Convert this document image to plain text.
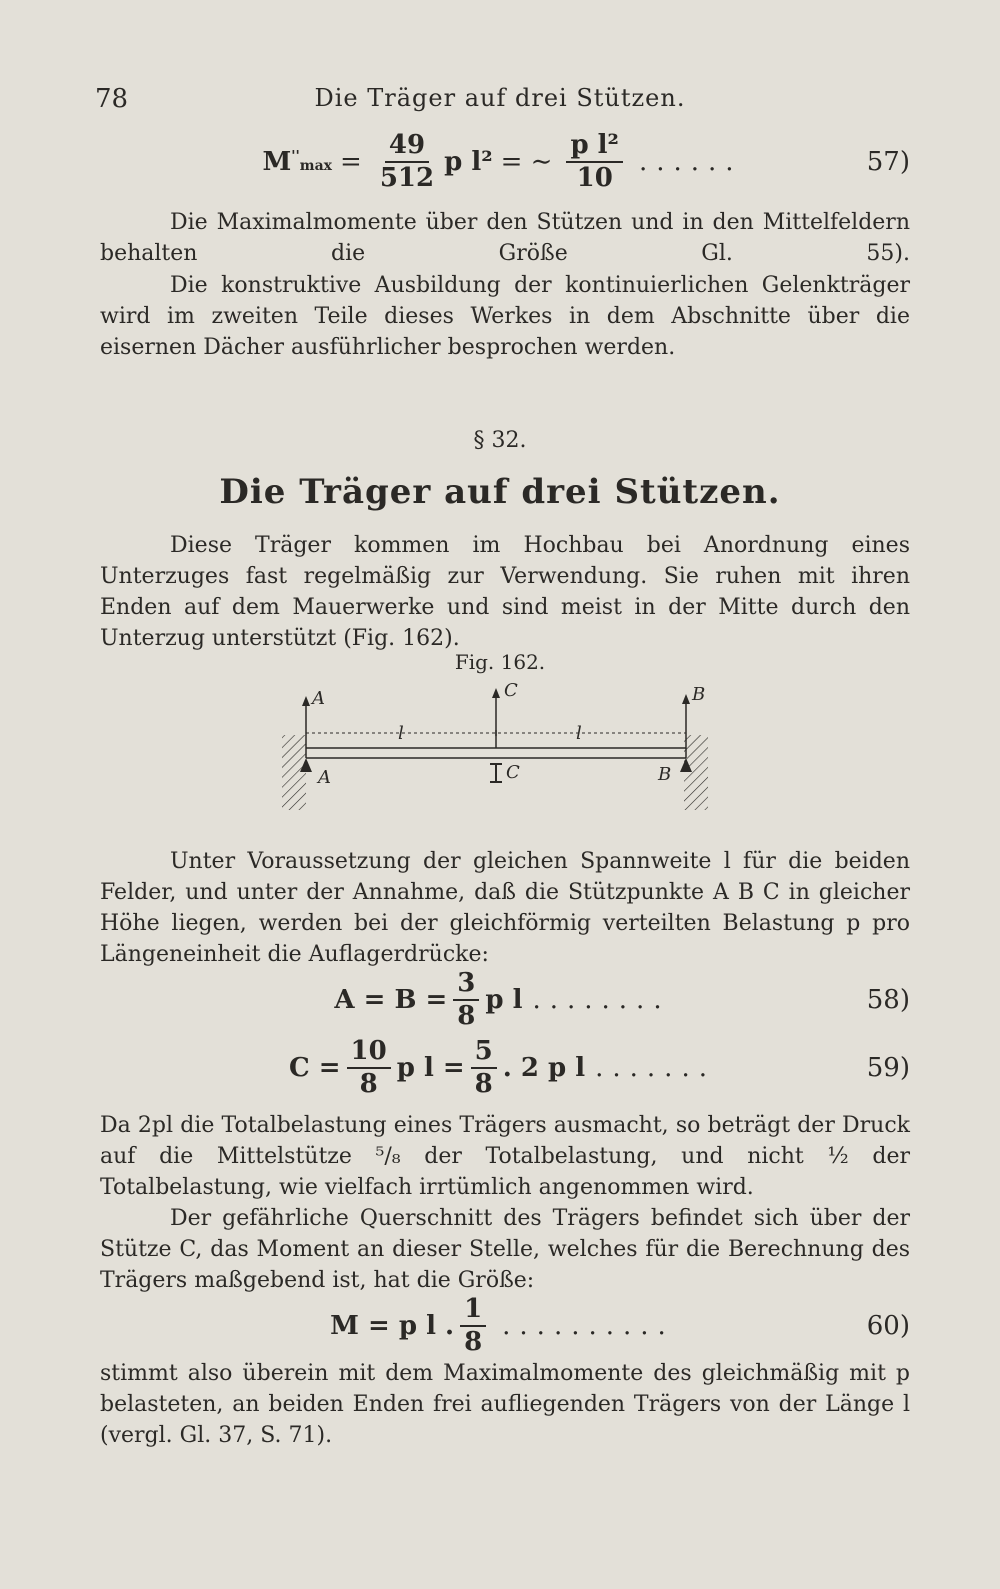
78	Die Träger auf drei Stützen.
$M''\max = \frac{49}{512}$ p l² = ∼ $\frac{\text{p l²}}{10}$ ......	57)
Die Maximalmomente über den Stützen und in den Mittelfeldern behalten die Größe Gl. 55).
Die konstruktive Ausbildung der kontinuierlichen Gelenkträger wird im zweiten Teile dieses Werkes in dem Abschnitte über die eisernen Dächer ausführlicher besprochen werden.
§ 32.
Die Träger auf drei Stützen.
Diese Träger kommen im Hochbau bei Anordnung eines Unterzuges fast regelmäßig zur Verwendung. Sie ruhen mit ihren Enden auf dem Mauerwerke und sind meist in der Mitte durch den Unterzug unterstützt (Fig. 162).
Fig. 162.
A	C	B
A	C	B
l	l
Unter Voraussetzung der gleichen Spannweite l für die beiden Felder, und unter der Annahme, daß die Stützpunkte A B C in gleicher Höhe liegen, werden bei der gleichförmig verteilten Belastung p pro Längeneinheit die Auflagerdrücke:
$A = B = \frac{3}{8}$ p l ........	58)
$C = \frac{10}{8}$ p $l = \frac{5}{8}$ . 2 p l .......	59)
Da 2pl die Totalbelastung eines Trägers ausmacht, so beträgt der Druck auf die Mittelstütze ⁵/₈ der Totalbelastung, und nicht ½ der Totalbelastung, wie vielfach irrtümlich angenommen wird.
Der gefährliche Querschnitt des Trägers befindet sich über der Stütze C, das Moment an dieser Stelle, welches für die Berechnung des Trägers maßgebend ist, hat die Größe:
M = p l . $\frac{1}{8}$ ..........	60)
stimmt also überein mit dem Maximalmomente des gleichmäßig mit p belasteten, an beiden Enden frei aufliegenden Trägers von der Länge l (vergl. Gl. 37, S. 71).
